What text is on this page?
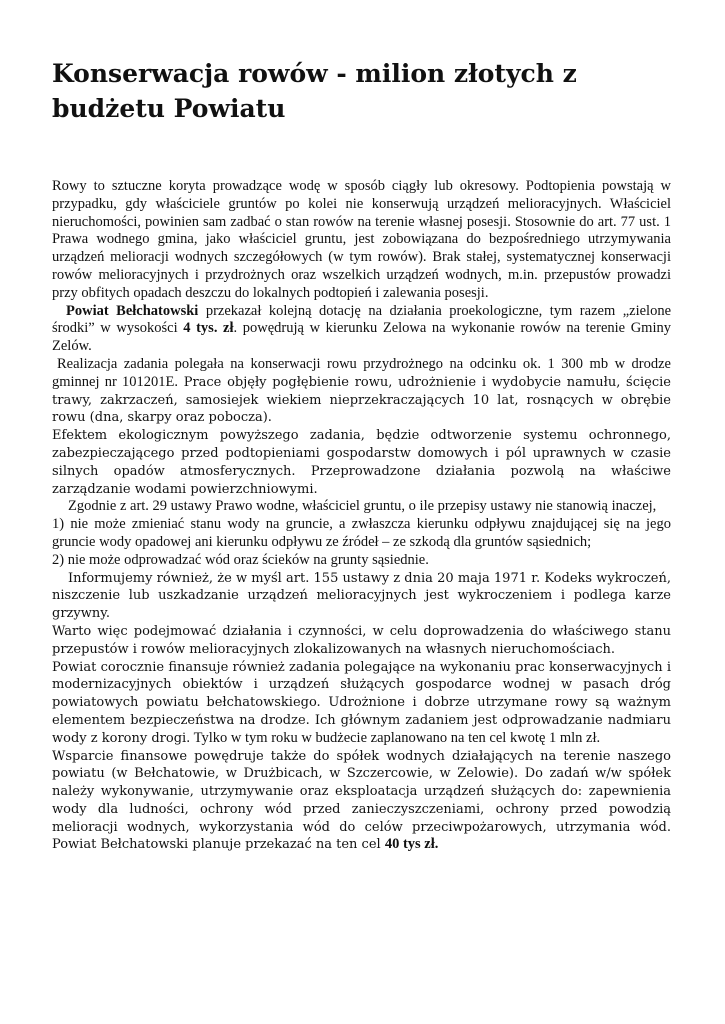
Konserwacja rowów - milion złotych z budżetu Powiatu

Rowy to sztuczne koryta prowadzące wodę w sposób ciągły lub okresowy. Podtopienia powstają w przypadku, gdy właściciele gruntów po kolei nie konserwują urządzeń melioracyjnych. Właściciel nieruchomości, powinien sam zadbać o stan rowów na terenie własnej posesji. Stosownie do art. 77 ust. 1 Prawa wodnego gmina, jako właściciel gruntu, jest zobowiązana do bezpośredniego utrzymywania urządzeń melioracji wodnych szczegółowych (w tym rowów). Brak stałej, systematycznej konserwacji rowów melioracyjnych i przydrożnych oraz wszelkich urządzeń wodnych, m.in. przepustów prowadzi przy obfitych opadach deszczu do lokalnych podtopień i zalewania posesji.

Powiat Bełchatowski przekazał kolejną dotację na działania proekologiczne, tym razem „zielone środki” w wysokości 4 tys. zł. powędrują w kierunku Zelowa na wykonanie rowów na terenie Gminy Zelów.

Realizacja zadania polegała na konserwacji rowu przydrożnego na odcinku ok. 1 300 mb w drodze gminnej nr 101201E. Prace objęły pogłębienie rowu, udrożnienie i wydobycie namułu, ścięcie trawy, zakrzaczeń, samosiejek wiekiem nieprzekraczających 10 lat, rosnących w obrębie rowu (dna, skarpy oraz pobocza).

Efektem ekologicznym powyższego zadania, będzie odtworzenie systemu ochronnego, zabezpieczającego przed podtopieniami gospodarstw domowych i pól uprawnych w czasie silnych opadów atmosferycznych. Przeprowadzone działania pozwolą na właściwe zarządzanie wodami powierzchniowymi.

Zgodnie z art. 29 ustawy Prawo wodne, właściciel gruntu, o ile przepisy ustawy nie stanowią inaczej,

1) nie może zmieniać stanu wody na gruncie, a zwłaszcza kierunku odpływu znajdującej się na jego gruncie wody opadowej ani kierunku odpływu ze źródeł – ze szkodą dla gruntów sąsiednich;

2) nie może odprowadzać wód oraz ścieków na grunty sąsiednie.

Informujemy również, że w myśl art. 155 ustawy z dnia 20 maja 1971 r. Kodeks wykroczeń, niszczenie lub uszkadzanie urządzeń melioracyjnych jest wykroczeniem i podlega karze grzywny.

Warto więc podejmować działania i czynności, w celu doprowadzenia do właściwego stanu przepustów i rowów melioracyjnych zlokalizowanych na własnych nieruchomościach.

Powiat corocznie finansuje również zadania polegające na wykonaniu prac konserwacyjnych i modernizacyjnych obiektów i urządzeń służących gospodarce wodnej w pasach dróg powiatowych powiatu bełchatowskiego. Udrożnione i dobrze utrzymane rowy są ważnym elementem bezpieczeństwa na drodze. Ich głównym zadaniem jest odprowadzanie nadmiaru wody z korony drogi. Tylko w tym roku w budżecie zaplanowano na ten cel kwotę 1 mln zł.

Wsparcie finansowe powędruje także do spółek wodnych działających na terenie naszego powiatu (w Bełchatowie, w Drużbicach, w Szczercowie, w Zelowie). Do zadań w/w spółek należy wykonywanie, utrzymywanie oraz eksploatacja urządzeń służących do: zapewnienia wody dla ludności, ochrony wód przed zanieczyszczeniami, ochrony przed powodzią melioracji wodnych, wykorzystania wód do celów przeciwpożarowych, utrzymania wód. Powiat Bełchatowski planuje przekazać na ten cel 40 tys zł.
